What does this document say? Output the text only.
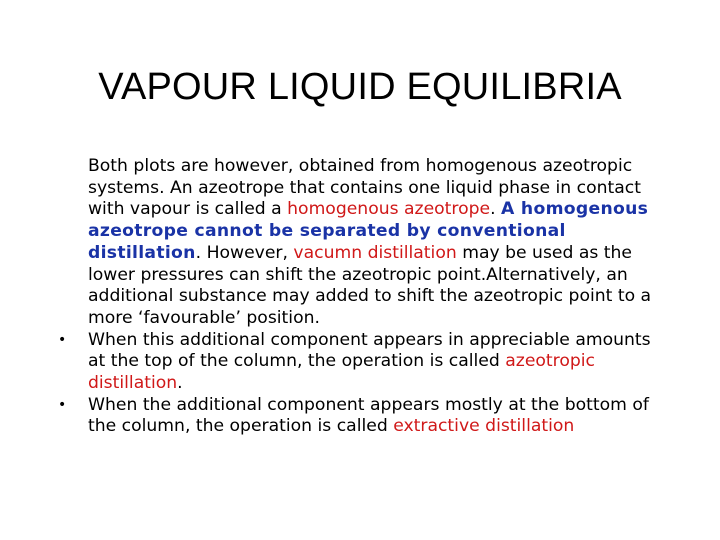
VAPOUR LIQUID EQUILIBRIA

Both plots are however, obtained from homogenous azeotropic systems. An azeotrope that contains one liquid phase in contact with vapour is called a homogenous azeotrope. A homogenous azeotrope cannot be separated by conventional distillation. However, vacumn distillation may be used as the lower pressures can shift the azeotropic point.Alternatively, an additional substance may added to shift the azeotropic point to a more ‘favourable’ position.

•	When this additional component appears in appreciable amounts at the top of the column, the operation is called azeotropic distillation.

•	When the additional component appears mostly at the bottom of the column, the operation is called extractive distillation
